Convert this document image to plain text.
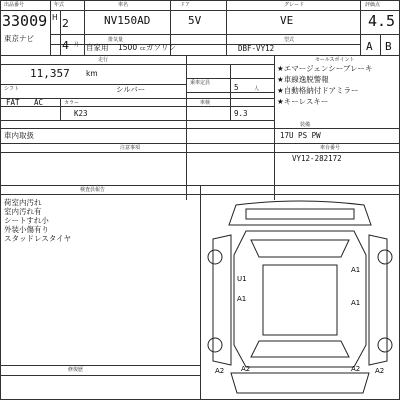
出品番号
33009
東京ナビ
年式
H 2
4 月
車名
NV150AD
自家用
排気量
1500 cc ガソリン
ドア
5V
グレード
VE
型式
DBF-VY12
評価点
4.5
A B
走行
11,357 km
シフト
FAT AC	カラー
シルバー
K23
乗車定員	5	人
車検
9.3
車内取扱
装備
17U PS PW
セールスポイント
★エマージェンシーブレーキ
★車線逸脱警報
★自動格納付ドアミラー
★キーレスキー
注意事項	車台番号
VY12-282172
検査員報告
荷室内汚れ
室内汚れ有
シートすれ小
外装小傷有り
スタッドレスタイヤ
修復歴
U1
A1
A1	A1
A2	A2
A2	A2
